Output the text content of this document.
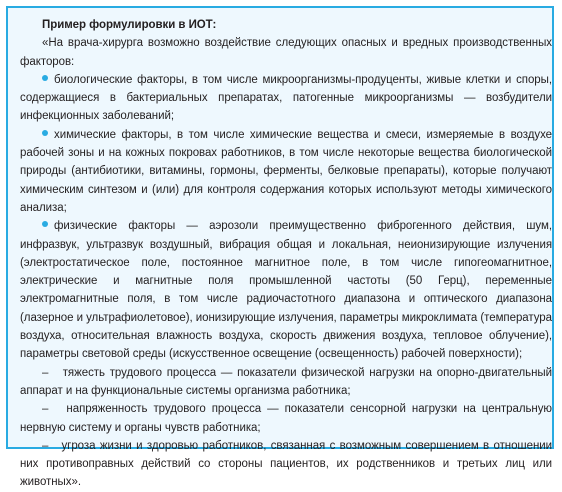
Пример формулировки в ИОТ:

«На врача-хирурга возможно воздействие следующих опасных и вредных производственных факторов:

биологические факторы, в том числе микроорганизмы-продуценты, живые клетки и споры, содержащиеся в бактериальных препаратах, патогенные микроорганизмы — возбудители инфекционных заболеваний;

химические факторы, в том числе химические вещества и смеси, измеряемые в воздухе рабочей зоны и на кожных покровах работников, в том числе некоторые вещества биологической природы (антибиотики, витамины, гормоны, ферменты, белковые препараты), которые получают химическим синтезом и (или) для контроля содержания которых используют методы химического анализа;

физические факторы — аэрозоли преимущественно фиброгенного действия, шум, инфразвук, ультразвук воздушный, вибрация общая и локальная, неионизирующие излучения (электростатическое поле, постоянное магнитное поле, в том числе гипогеомагнитное, электрические и магнитные поля промышленной частоты (50 Герц), переменные электромагнитные поля, в том числе радиочастотного диапазона и оптического диапазона (лазерное и ультрафиолетовое), ионизирующие излучения, параметры микроклимата (температура воздуха, относительная влажность воздуха, скорость движения воздуха, тепловое облучение), параметры световой среды (искусственное освещение (освещенность) рабочей поверхности);

– тяжесть трудового процесса — показатели физической нагрузки на опорно-двигательный аппарат и на функциональные системы организма работника;

– напряженность трудового процесса — показатели сенсорной нагрузки на центральную нервную систему и органы чувств работника;

– угроза жизни и здоровью работников, связанная с возможным совершением в отношении них противоправных действий со стороны пациентов, их родственников и третьих лиц или животных».
